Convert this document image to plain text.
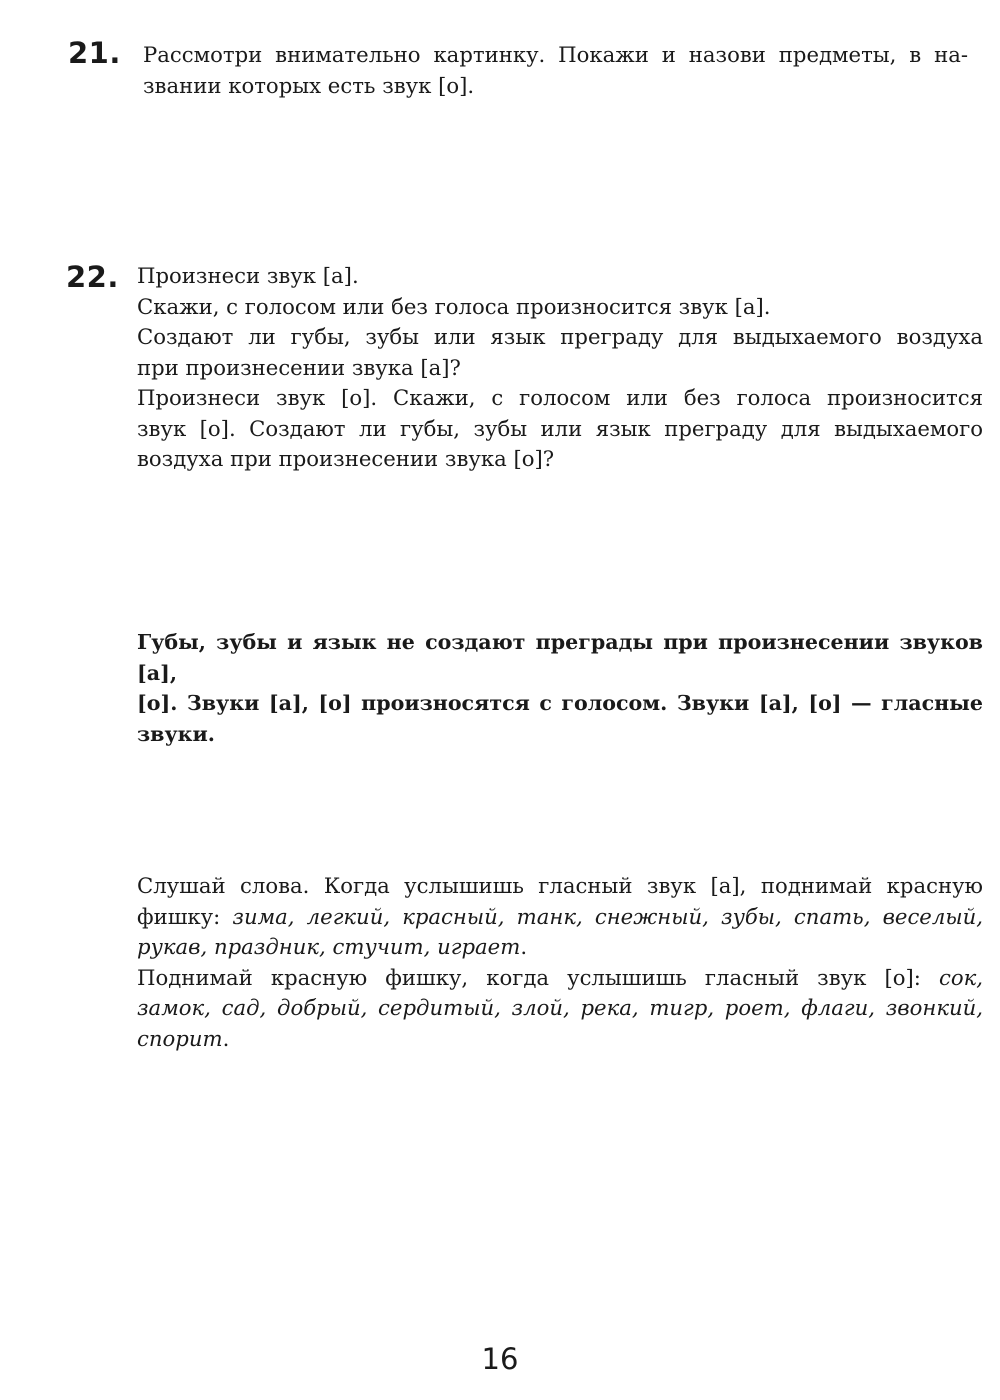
21. Рассмотри внимательно картинку. Покажи и назови предметы, в на-
звании которых есть звук [о].
22. Произнеси звук [а].
Скажи, с голосом или без голоса произносится звук [а].
Создают ли губы, зубы или язык преграду для выдыхаемого воздуха
при произнесении звука [а]?
Произнеси звук [о]. Скажи, с голосом или без голоса произносится
звук [о]. Создают ли губы, зубы или язык преграду для выдыхаемого
воздуха при произнесении звука [о]?
Губы, зубы и язык не создают преграды при произнесении звуков [а],
[о]. Звуки [а], [о] произносятся с голосом. Звуки [а], [о] — гласные
звуки.
Слушай слова. Когда услышишь гласный звук [а], поднимай красную
фишку: зима, легкий, красный, танк, снежный, зубы, спать, веселый,
рукав, праздник, стучит, играет.
Поднимай красную фишку, когда услышишь гласный звук [о]: сок,
замок, сад, добрый, сердитый, злой, река, тигр, роет, флаги, звонкий,
спорит.
16
